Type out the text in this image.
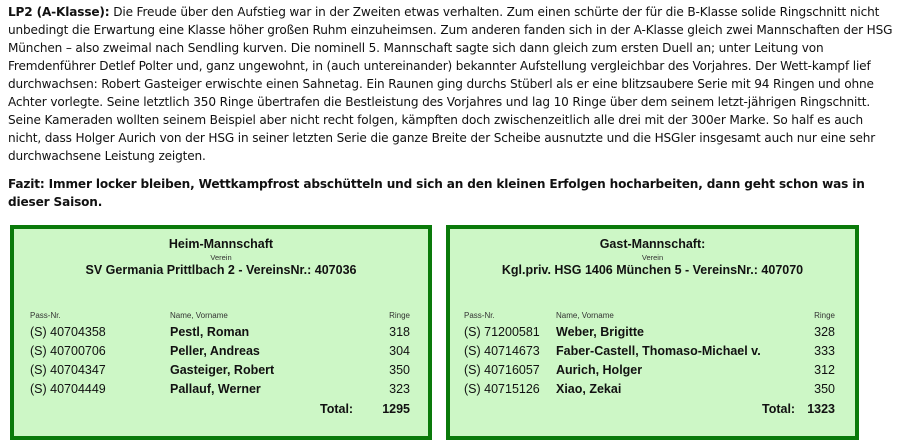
LP2 (A-Klasse): Die Freude über den Aufstieg war in der Zweiten etwas verhalten. Zum einen schürte der für die B-Klasse solide Ringschnitt nicht unbedingt die Erwartung eine Klasse höher großen Ruhm einzuheimsen. Zum anderen fanden sich in der A-Klasse gleich zwei Mannschaften der HSG München – also zweimal nach Sendling kurven. Die nominell 5. Mannschaft sagte sich dann gleich zum ersten Duell an; unter Leitung von Fremdenführer Detlef Polter und, ganz ungewohnt, in (auch untereinander) bekannter Aufstellung vergleichbar des Vorjahres. Der Wett-kampf lief durchwachsen: Robert Gasteiger erwischte einen Sahnetag. Ein Raunen ging durchs Stüberl als er eine blitzsaubere Serie mit 94 Ringen und ohne Achter vorlegte. Seine letztlich 350 Ringe übertrafen die Bestleistung des Vorjahres und lag 10 Ringe über dem seinem letzt-jährigen Ringschnitt. Seine Kameraden wollten seinem Beispiel aber nicht recht folgen, kämpften doch zwischenzeitlich alle drei mit der 300er Marke. So half es auch nicht, dass Holger Aurich von der HSG in seiner letzten Serie die ganze Breite der Scheibe ausnutzte und die HSGler insgesamt auch nur eine sehr durchwachsene Leistung zeigten.

Fazit: Immer locker bleiben, Wettkampfrost abschütteln und sich an den kleinen Erfolgen hocharbeiten, dann geht schon was in dieser Saison.

Heim-Mannschaft
Verein
SV Germania Prittlbach 2 - VereinsNr.: 407036
Pass-Nr.	Name, Vorname	Ringe
(S) 40704358	Pestl, Roman	318
(S) 40700706	Peller, Andreas	304
(S) 40704347	Gasteiger, Robert	350
(S) 40704449	Pallauf, Werner	323
Total: 1295
Gast-Mannschaft:
Verein
Kgl.priv. HSG 1406 München 5 - VereinsNr.: 407070
Pass-Nr.	Name, Vorname	Ringe
(S) 71200581 Weber, Brigitte	328
(S) 40714673 Faber-Castell, Thomaso-Michael v.	333
(S) 40716057 Aurich, Holger	312
(S) 40715126 Xiao, Zekai	350
Total: 1323
